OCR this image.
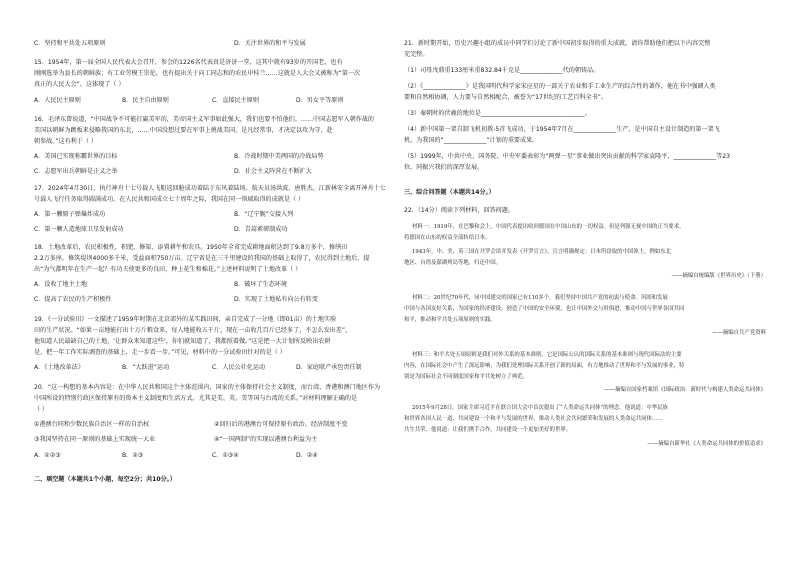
C．坚持和平共处五项原则	D．关注世界的和平与发展
15．1954年，第一届全国人民代表大会召开，参会的1226名代表真是济济一堂，这其中就有93岁的开国老，也有
刚刚选举为县长的朝鲜族；有工业劳模王崇伦，也有提出关于向工同志和的农民申桂兰……这就是人大会又被称为“第一次
真正的人民大会”。这体现了（ ）
A．人民民主原则	B．民主自由原则	C．直接民主原则	D．男女平等原则
16．毛泽东曾说道，“中国战争不可能打赢美军的，美帝国主义军事如此强大，我们也要不怕他们。……中国志愿军入朝作战的
美国以朝鲜为跳板来侵略我国的东北，……中国没想过要在军事上挑战美国，是凡经常事，才决定以攻为守，赴
朝参战。”这有利于（ ）
A．美国已实现称霸世界的目标	B．冷战时期中美两国的冷战局势
C．志愿军出兵朝鲜是正义之举	D．社会主义阵营在不断扩大
17．2024年4月30日，执行神舟十七号载人飞船返回舱成功着陆于东风着陆场。航天员汤洪波、唐胜杰、江新林安全离开神舟十七
号载人飞行任务取得圆满成功。在人民共和国成立七十周年之际，我国在同一领域取得的成就是（ ）
A．第一颗原子弹爆炸成功	B．“辽宁舰”交接入列
C．第一颗人造地球卫星发射成功	D．青蒿素研制成功
18．土地改革后，农民积极性，积肥、修渠、添置耕牛和农具。1950年全省完成耕地面积达到了9.8万多个，修缮田
2.2万多座，修筑堤坝4000多千米，受益面积750万亩。辽宁省是在三千里建设的我国的基础上取得了，农民得到土地后，提
出“为气都明年在生产一起？有功夫使更多的良田，种上花生和棉花。”上述材料说明了土地改革（ ）
A．没收了地主土地	B．破坏了生态环境
C．提高了农民的生产积极性	D．实现了土地私有向公有转变
19．《一分试验田》一文描述了1959年时期在北京郊外的某实践田间，亲自完成了一分地（即01亩）的土地实验
田的生产状况。“如果一亩地能打出十万斤粮食来，每人地能收五千斤，现在一亩收几百斤已经多了，不怎么发出差”，
他知道人民最缺自己的土地，‘让群众来知道这些’，你们就知道了，我都照着做。”这是把一大计划所反映出农耕
是，把一年工作实际调查的基础上，走一步看一步。”可见，材料中的一分试验田针对的是（ ）
A．《土地改革法》	B．“大跃进”运动	C．人民公社化运动	D．家庭联产承包责任制
20．“这一构想的基本内容是：在中华人民共和国这个主体范围内，国家的主体保持社会主义制度，而台湾、香港和澳门地区作为
中国所设的特别行政区保持原有的资本主义制度和生活方式。尤其是美、英、美等国与台湾的关系。”对材料理解正确的是
（ ）
①港澳台同和少数民族自治区一样的自治权	②回归后的港澳台可保持原有政治、经济制度不变
③我国坚持在同一原则的基础上实现统一大业	④“一国两制”的实现以港澳台利益为主
A．①②③	B．②③	C．①③④	D．②④
二、填空题（本题共1个小题，每空2分；共10分。）
21．新时期开始，历史兴趣小组的成员中同学们讨论了新中国初步取得的重大成就，请你帮助他们把以下内容完整
充完整。
（1）司母戊鼎重133厘米重832.84千克是______________代的朝铸品。
（2）《______________》是我国明代科学家宋应星的一部关于农业和手工业生产的综合性的著作，他在书中强调人类
要和自然相协调，人力要与自然相配合，被誉为“17世纪的工艺百科全书”。
（3）秦朝时的伏羲的地位是__________________________________。
（4）新中国第一架自制飞机初教-5首飞成功，于1954年7月在______________生产，是中国自主设计制造的第一架飞
机，为我国的“______________”计划的重要成果。
（5）1999年，中共中央、国务院、中央军委表彰为“两弹一星”事业做出突出贡献的科学家袁隆平，______________等23
位，同振兴我们的深厚发展。
三、综合问答题（本题共14分。）
22．（14分）阅读下列材料，回答问题。
材料一：1919年，在巴黎和会上，中国代表提出收回德国在中国山东的一切权益。但是列强无视中国的正当要求，
将德国在山东的权益全部转给日本。
1943年，中、美、英三国在开罗会谈并发表《开罗宣言》，宣言明确规定：日本所窃取的中国领土，例如东北
地区、台湾及澎湖列岛等地，归还中国。
——摘编自统编版《世界历史》（下册）
材料二：20世纪70年代，同中国建交的国家已有110多个。我们坚持中国共产党的初衷与使命。巩固和发展
中国与各国友好关系，为国家的经济建设，创造了中国的安全环境，也让中国外交与时俱进，推动中国与世界各国共同
和平，推动和平共处五项原则的实践。
——摘编自共产党资料
材料三：和平共处五项原则是我们对外关系的基本准则。它是国际公认的国际关系的基本准则与现代国际法的主要
内容，在国际社会中产生了深远影响，为我们处理国际关系开创了新的局面，有力地推动了世界和平与发展的事业，特
别是为国际社会不同制度国家和平共处树立了典范。
——摘编自国家档案馆《国际政治：新时代与构建人类命运共同体》
2015年9月28日，国家主席习近平在联合国大会中首次提出了“人类命运共同体”的理念。他说道：中华民族
和世界各国人民一道，共同建设一个和平与发展的世界，推动人类社会共同繁荣和发展的人类命运共同体……
共生共荣。他说道：让我们携手合作，共同建设一个更加美好的世界。
——摘编自新华社《人类命运共同体的价值追求》
